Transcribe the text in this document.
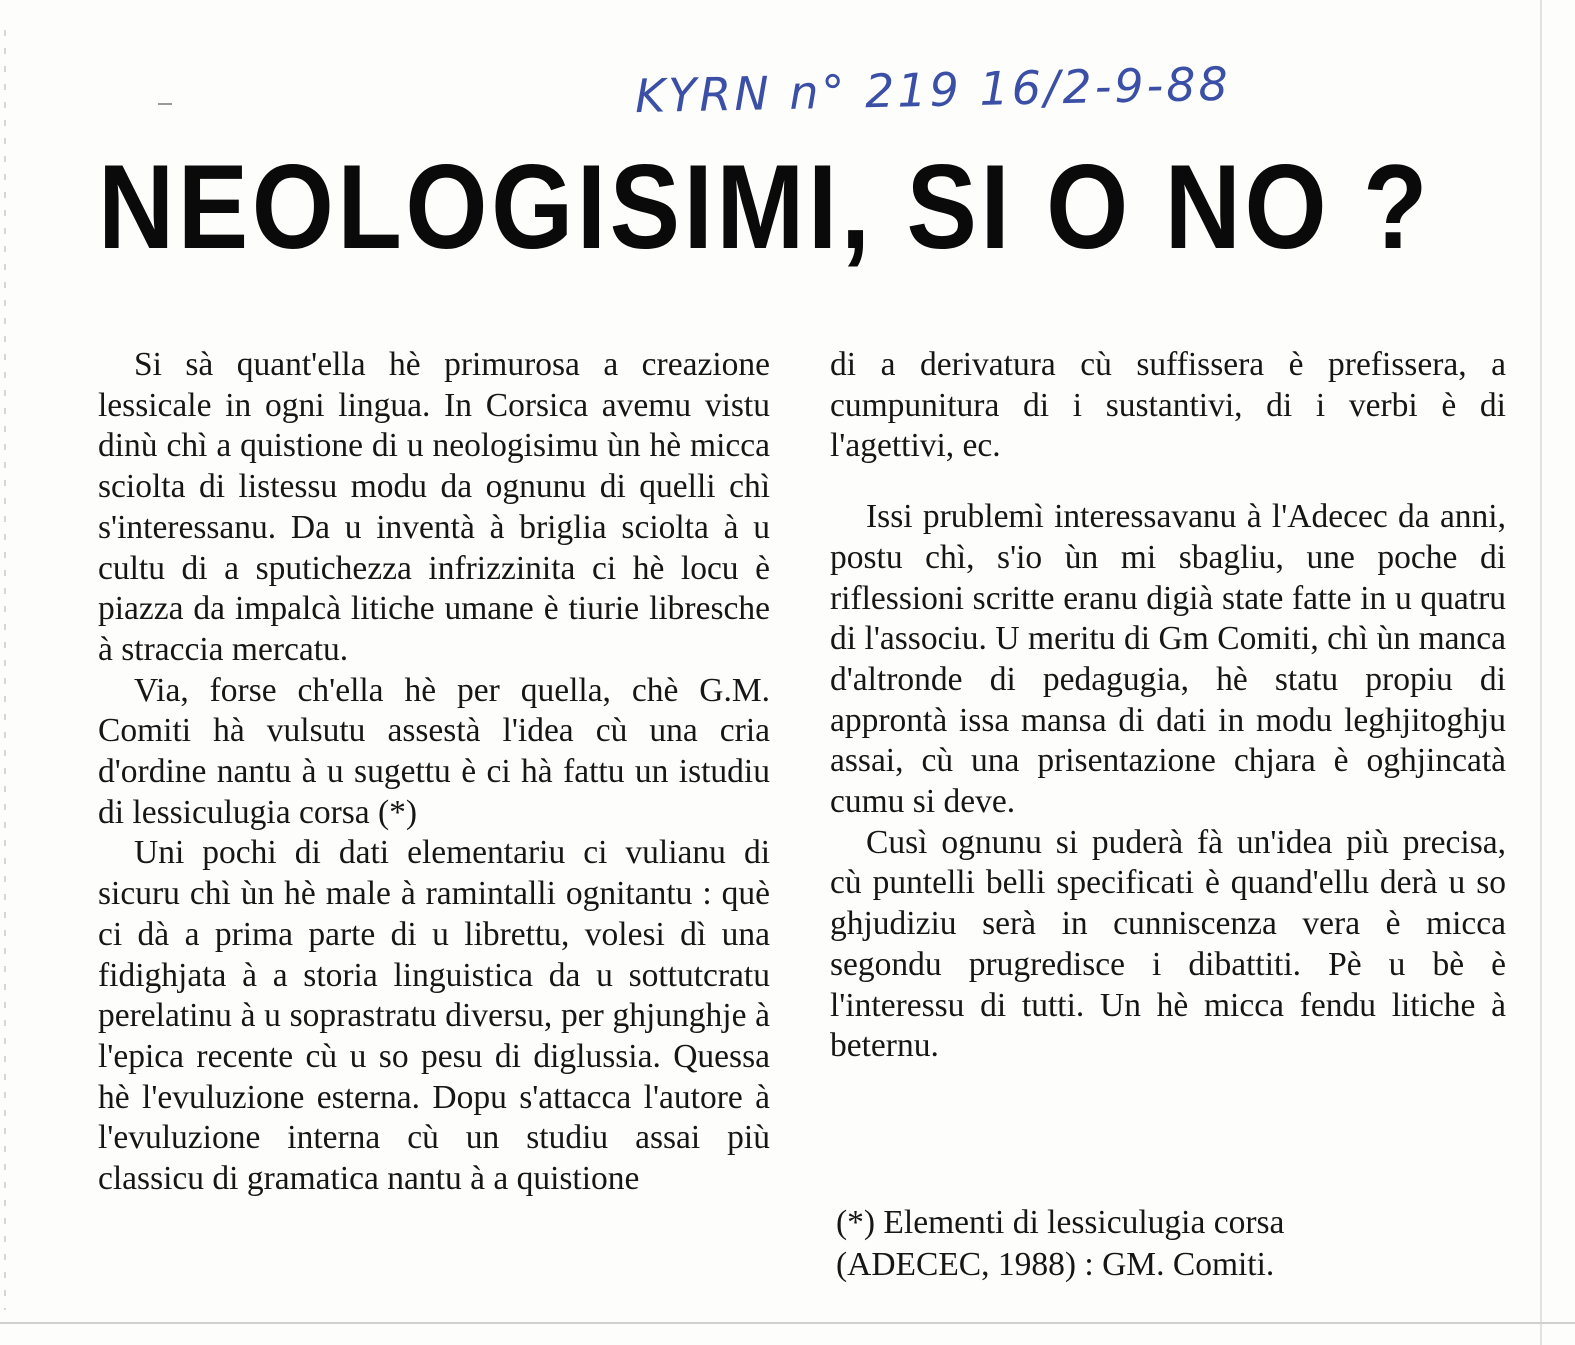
KYRN n° 219 16/2-9-88
NEOLOGISIMI, SI O NO ?

Si sà quant'ella hè primurosa a creazione lessicale in ogni lingua. In Corsica avemu vistu dinù chì a quistione di u neologisimu ùn hè micca sciolta di listessu modu da ognunu di quelli chì s'interessanu. Da u inventà à briglia sciolta à u cultu di a sputichezza infrizzinita ci hè locu è piazza da impalcà litiche umane è tiurie libresche à straccia mercatu.

Via, forse ch'ella hè per quella, chè G.M. Comiti hà vulsutu assestà l'idea cù una cria d'ordine nantu à u sugettu è ci hà fattu un istudiu di lessiculugia corsa (*)

Uni pochi di dati elementariu ci vulianu di sicuru chì ùn hè male à ramintalli ognitantu : què ci dà a prima parte di u librettu, volesi dì una fidighjata à a storia linguistica da u sottutcratu perelatinu à u soprastratu diversu, per ghjunghje à l'epica recente cù u so pesu di diglussia. Quessa hè l'evuluzione esterna. Dopu s'attacca l'autore à l'evuluzione interna cù un studiu assai più classicu di gramatica nantu à a quistione

di a derivatura cù suffissera è prefissera, a cumpunitura di i sustantivi, di i verbi è di l'agettivi, ec.

Issi prublemì interessavanu à l'Adecec da anni, postu chì, s'io ùn mi sbagliu, une poche di riflessioni scritte eranu digià state fatte in u quatru di l'associu. U meritu di Gm Comiti, chì ùn manca d'altronde di pedagugia, hè statu propiu di approntà issa mansa di dati in modu leghjitoghju assai, cù una prisentazione chjara è oghjincatà cumu si deve.

Cusì ognunu si puderà fà un'idea più precisa, cù puntelli belli specificati è quand'ellu derà u so ghjudiziu serà in cunniscenza vera è micca segondu prugredisce i dibattiti. Pè u bè è l'interessu di tutti. Un hè micca fendu litiche à beternu.

(*) Elementi di lessiculugia corsa
(ADECEC, 1988) : GM. Comiti.
